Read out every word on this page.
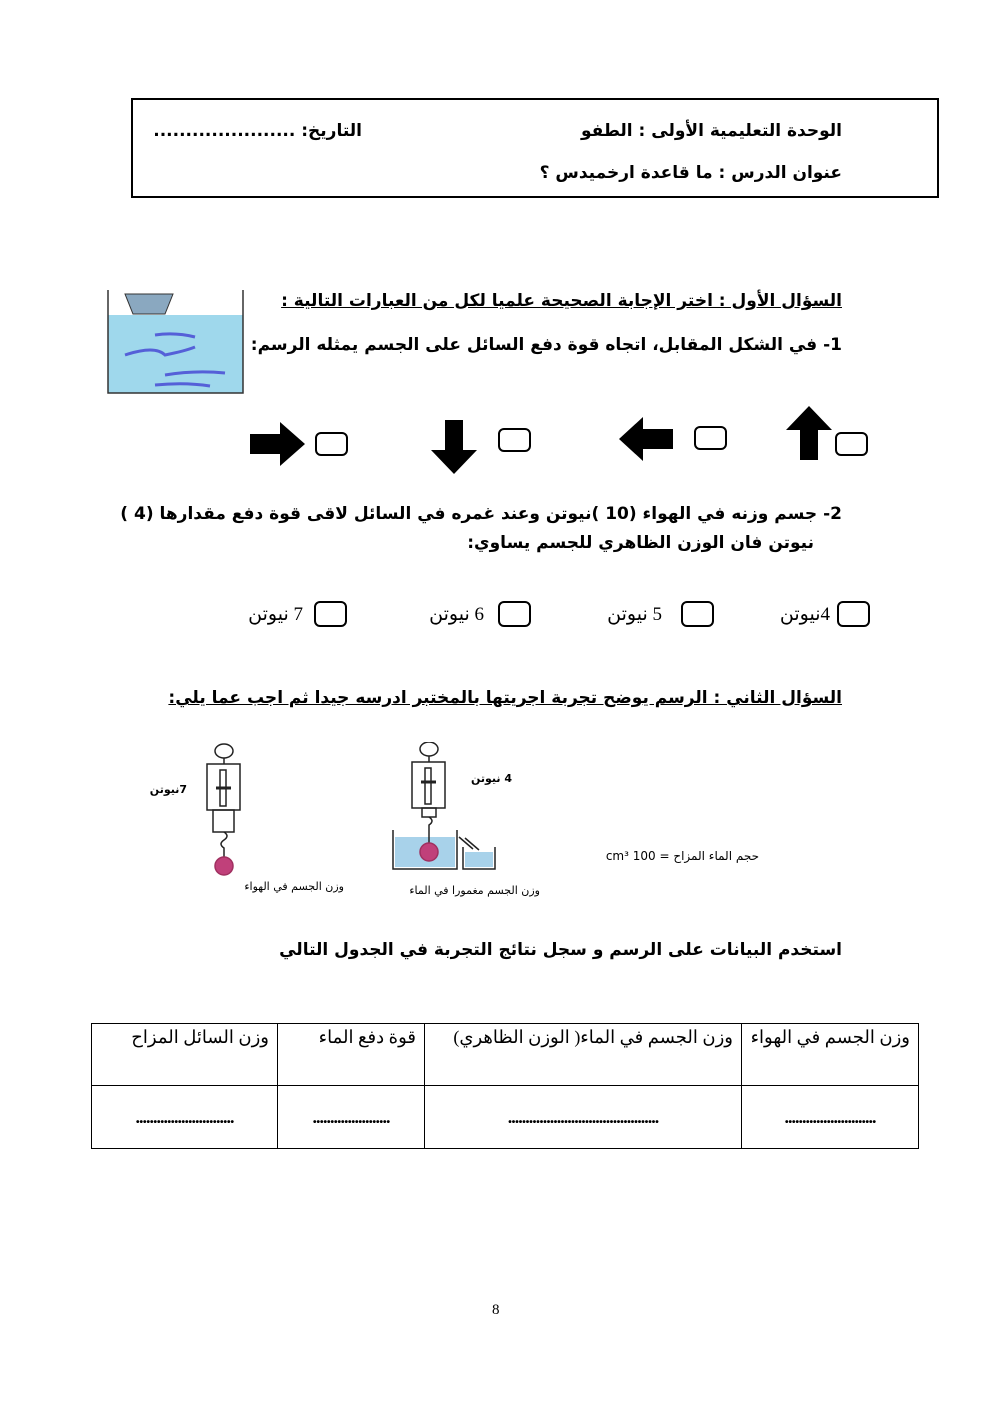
الوحدة التعليمية الأولى : الطفو
التاريخ: ......................
عنوان الدرس : ما قاعدة ارخميدس ؟
السؤال الأول : اختر الإجابة الصحيحة علميا لكل من العبارات التالية :
1- في الشكل المقابل، اتجاه قوة دفع السائل على الجسم يمثله الرسم:
2- جسم وزنه في الهواء (10 )نيوتن وعند غمره في السائل لاقى قوة دفع مقدارها (4 )
نيوتن فان الوزن الظاهري للجسم يساوي:
4نيوتن
5 نيوتن
6 نيوتن
7 نيوتن
السؤال الثاني : الرسم يوضح تجربة اجريتها بالمختبر ادرسه جيدا ثم اجب عما يلي:
7نيوتن
وزن الجسم في الهواء
4 نيوتن
حجم الماء المزاح = 100 cm³
وزن الجسم مغمورا في الماء
استخدم البيانات على الرسم و سجل نتائج التجربة في الجدول التالي
وزن الجسم في الهواء	وزن الجسم في الماء( الوزن الظاهري)	قوة دفع الماء	وزن السائل المزاح
..........................	...........................................	......................	............................
8
